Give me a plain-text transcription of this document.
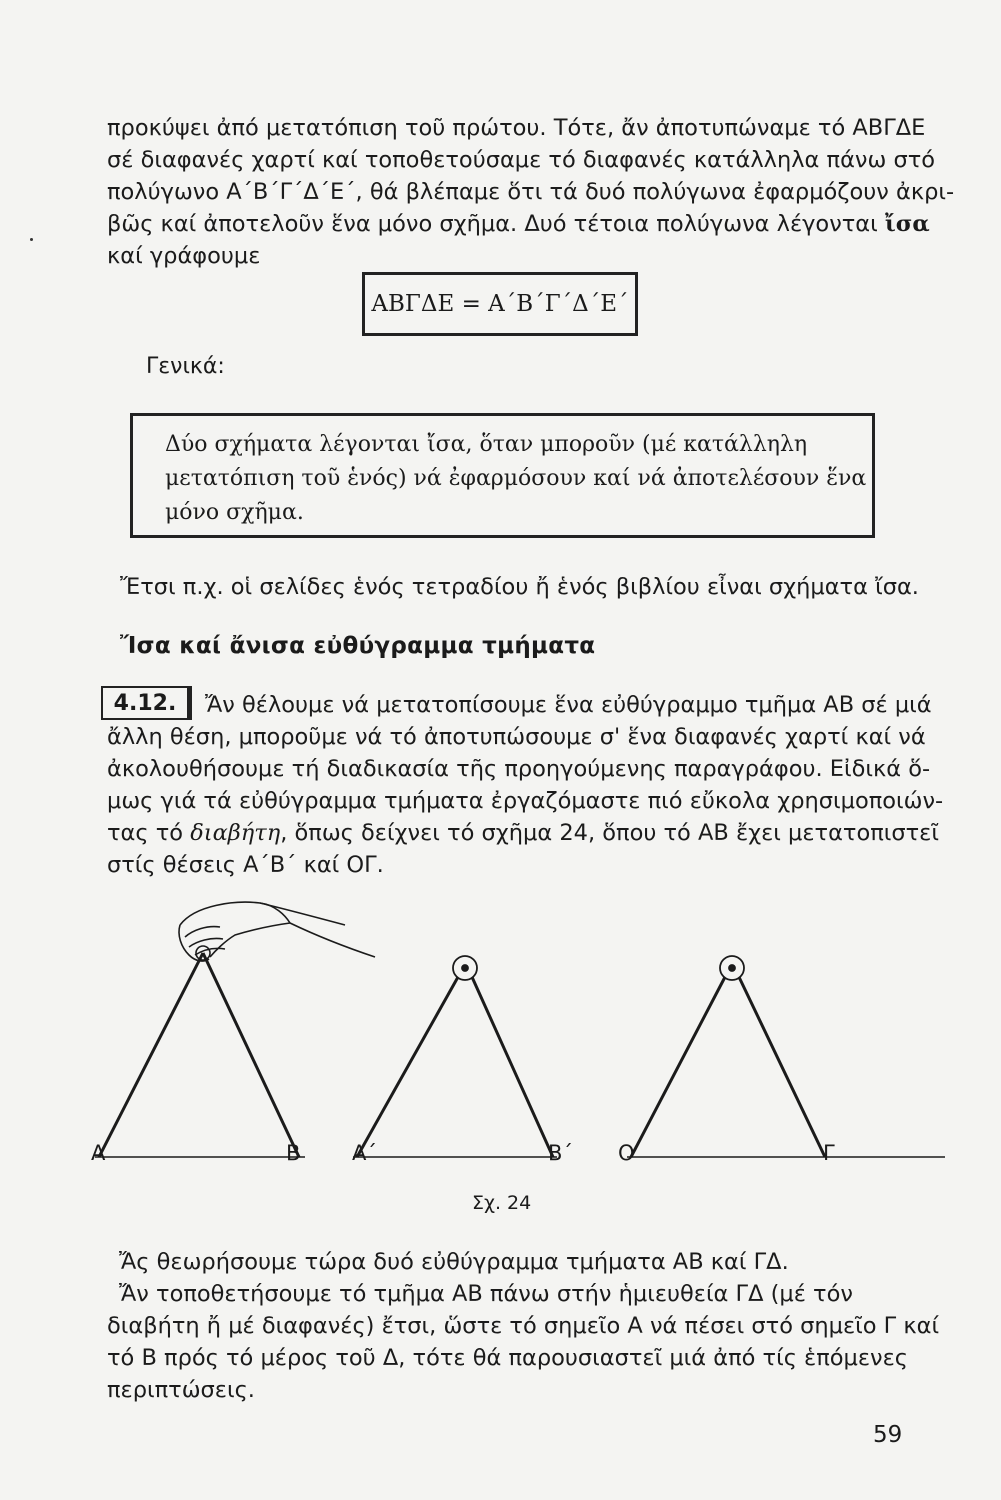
προκύψει ἀπό μετατόπιση τοῦ πρώτου. Τότε, ἄν ἀποτυπώναμε τό ΑΒΓΔΕ
σέ διαφανές χαρτί καί τοποθετούσαμε τό διαφανές κατάλληλα πάνω στό
πολύγωνο Α΄Β΄Γ΄Δ΄Ε΄, θά βλέπαμε ὅτι τά δυό πολύγωνα ἐφαρμόζουν ἀκρι-
βῶς καί ἀποτελοῦν ἕνα μόνο σχῆμα. Δυό τέτοια πολύγωνα λέγονται ἴσα
καί γράφουμε

ΑΒΓΔΕ = Α΄Β΄Γ΄Δ΄Ε΄
Γενικά:
Δύο σχήματα λέγονται ἴσα, ὅταν μποροῦν (μέ κατάλληλη
μετατόπιση τοῦ ἑνός) νά ἐφαρμόσουν καί νά ἀποτελέσουν ἕνα
μόνο σχῆμα.

Ἔτσι π.χ. οἱ σελίδες ἑνός τετραδίου ἤ ἑνός βιβλίου εἶναι σχήματα ἴσα.

Ἴσα καί ἄνισα εὐθύγραμμα τμήματα
4.12.	Ἄν θέλουμε νά μετατοπίσουμε ἕνα εὐθύγραμμο τμῆμα ΑΒ σέ μιά
ἄλλη θέση, μποροῦμε νά τό ἀποτυπώσουμε σ' ἕνα διαφανές χαρτί καί νά
ἀκολουθήσουμε τή διαδικασία τῆς προηγούμενης παραγράφου. Εἰδικά ὅ-
μως γιά τά εὐθύγραμμα τμήματα ἐργαζόμαστε πιό εὔκολα χρησιμοποιών-
τας τό διαβήτη, ὅπως δείχνει τό σχῆμα 24, ὅπου τό ΑΒ ἔχει μετατοπιστεῖ
στίς θέσεις Α΄Β΄ καί ΟΓ.

Α	Β Α΄	Β΄ Ο	Γ
Σχ. 24

Ἄς θεωρήσουμε τώρα δυό εὐθύγραμμα τμήματα ΑΒ καί ΓΔ.
Ἄν τοποθετήσουμε τό τμῆμα ΑΒ πάνω στήν ἡμιευθεία ΓΔ (μέ τόν
διαβήτη ἤ μέ διαφανές) ἔτσι, ὥστε τό σημεῖο Α νά πέσει στό σημεῖο Γ καί
τό Β πρός τό μέρος τοῦ Δ, τότε θά παρουσιαστεῖ μιά ἀπό τίς ἑπόμενες
περιπτώσεις.

59
